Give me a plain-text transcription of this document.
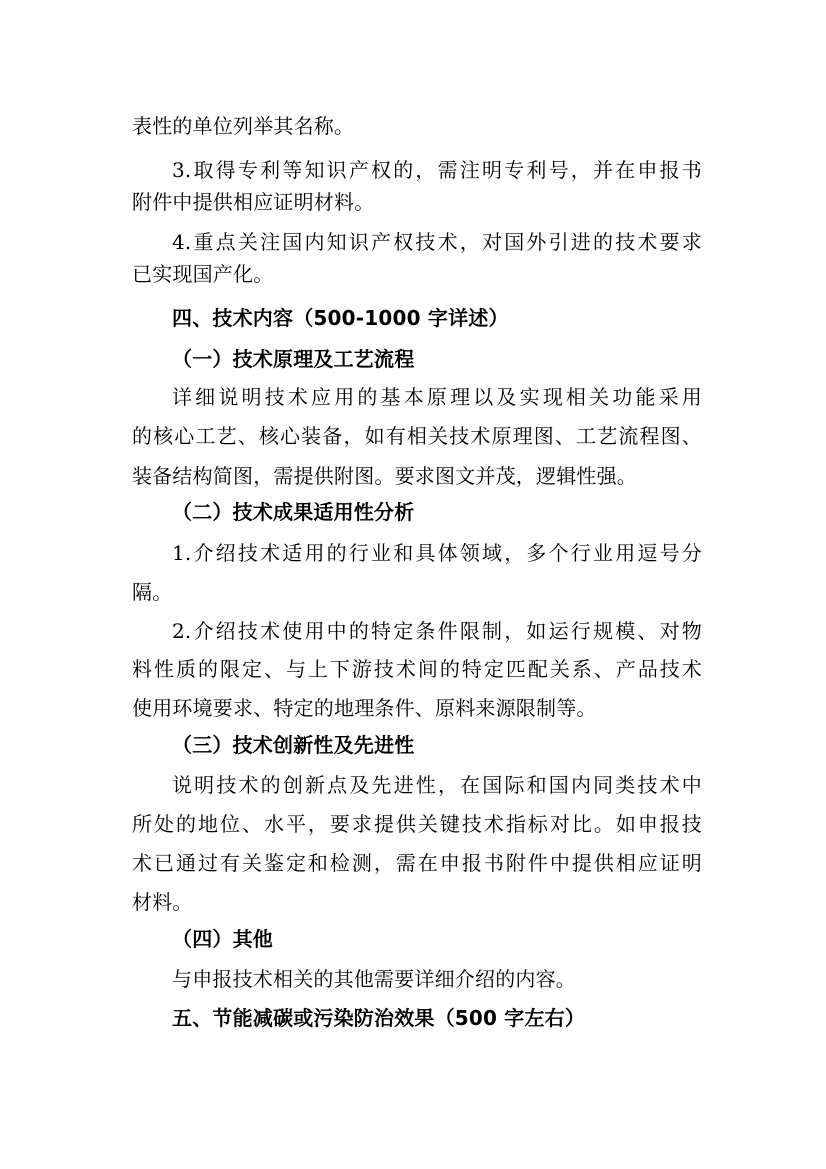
表性的单位列举其名称。
3.取得专利等知识产权的，需注明专利号，并在申报书
附件中提供相应证明材料。
4.重点关注国内知识产权技术，对国外引进的技术要求
已实现国产化。
四、技术内容（500-1000 字详述）
（一）技术原理及工艺流程
详细说明技术应用的基本原理以及实现相关功能采用
的核心工艺、核心装备，如有相关技术原理图、工艺流程图、
装备结构简图，需提供附图。要求图文并茂，逻辑性强。
（二）技术成果适用性分析
1.介绍技术适用的行业和具体领域，多个行业用逗号分
隔。
2.介绍技术使用中的特定条件限制，如运行规模、对物
料性质的限定、与上下游技术间的特定匹配关系、产品技术
使用环境要求、特定的地理条件、原料来源限制等。
（三）技术创新性及先进性
说明技术的创新点及先进性，在国际和国内同类技术中
所处的地位、水平，要求提供关键技术指标对比。如申报技
术已通过有关鉴定和检测，需在申报书附件中提供相应证明
材料。
（四）其他
与申报技术相关的其他需要详细介绍的内容。
五、节能减碳或污染防治效果（500 字左右）
